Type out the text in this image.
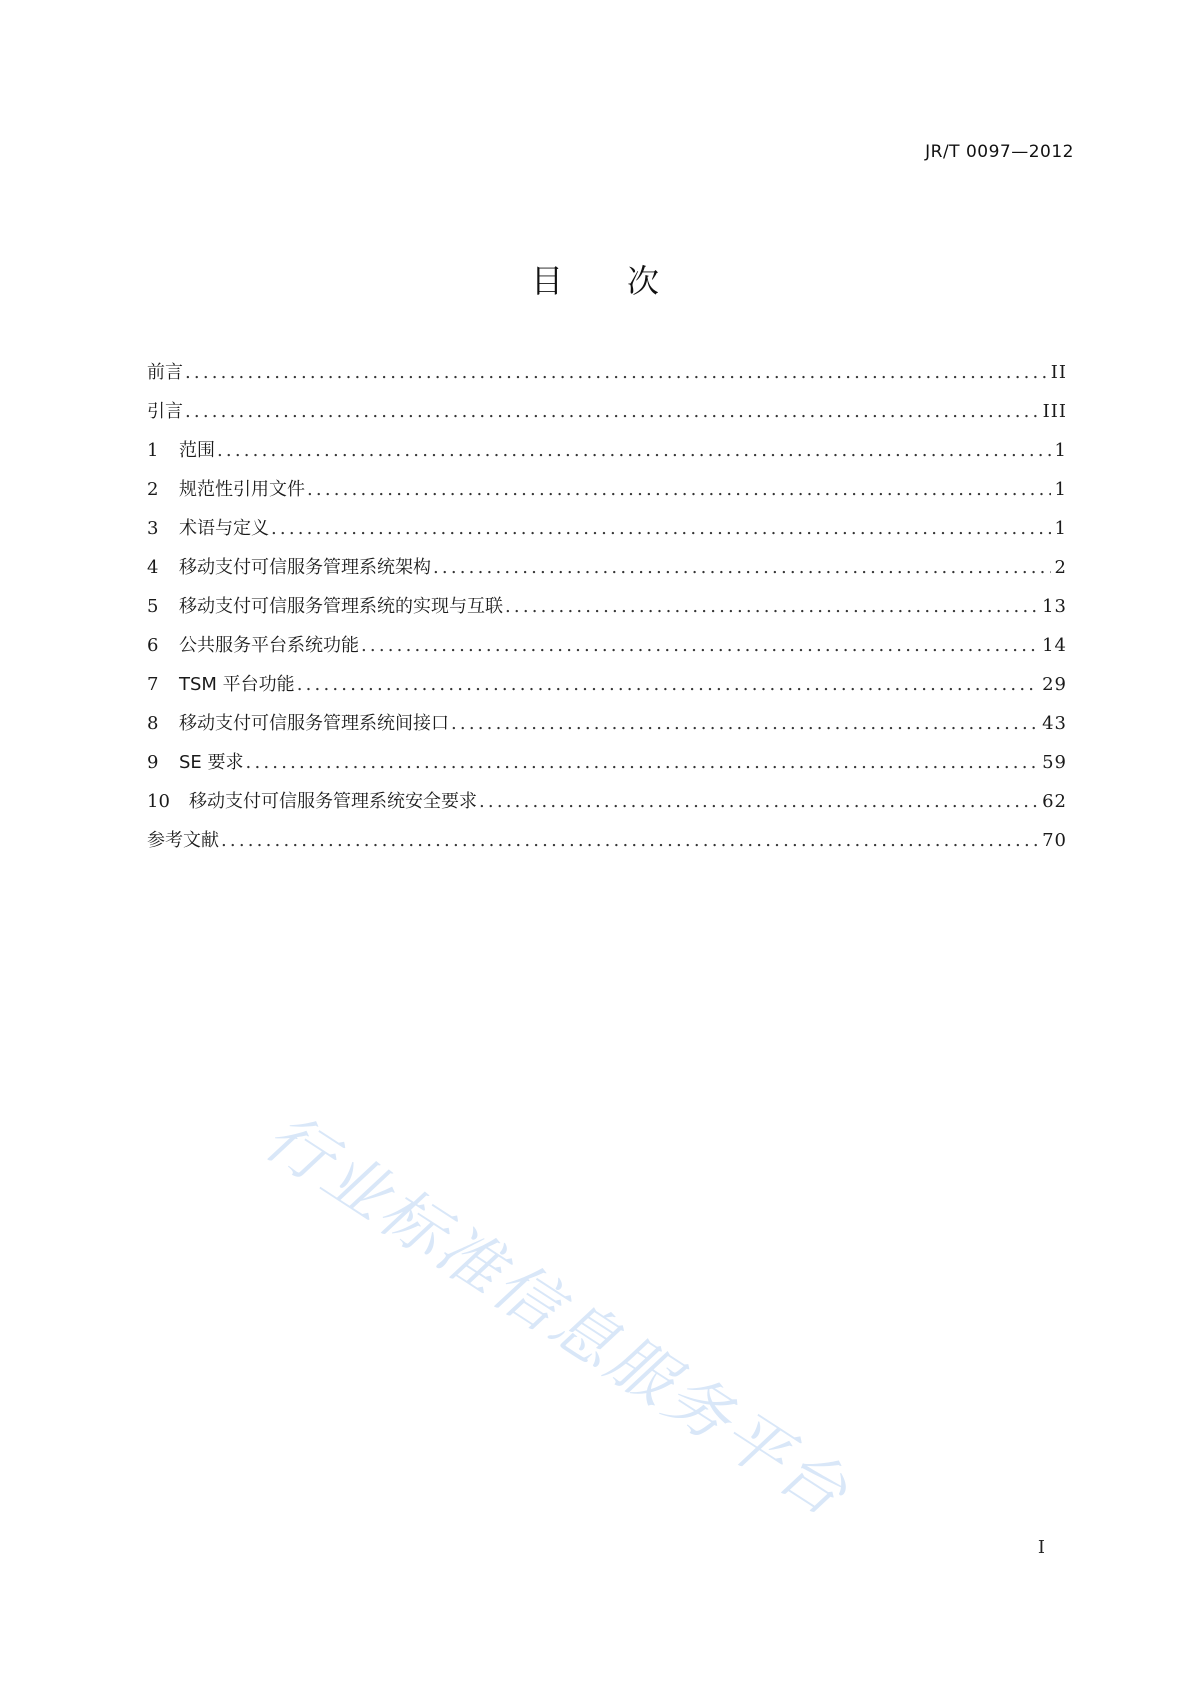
JR/T 0097—2012
目　　次
前言 .....	II
引言 .....	III
1	范围 .....	1
2	规范性引用文件 .....	1
3	术语与定义 .....	1
4	移动支付可信服务管理系统架构 .....	2
5	移动支付可信服务管理系统的实现与互联 .....	13
6	公共服务平台系统功能 .....	14
7	TSM 平台功能 .....	29
8	移动支付可信服务管理系统间接口 .....	43
9	SE 要求 .....	59
10	移动支付可信服务管理系统安全要求 .....	62
参考文献 .....	70
行业标准信息服务平台
I
